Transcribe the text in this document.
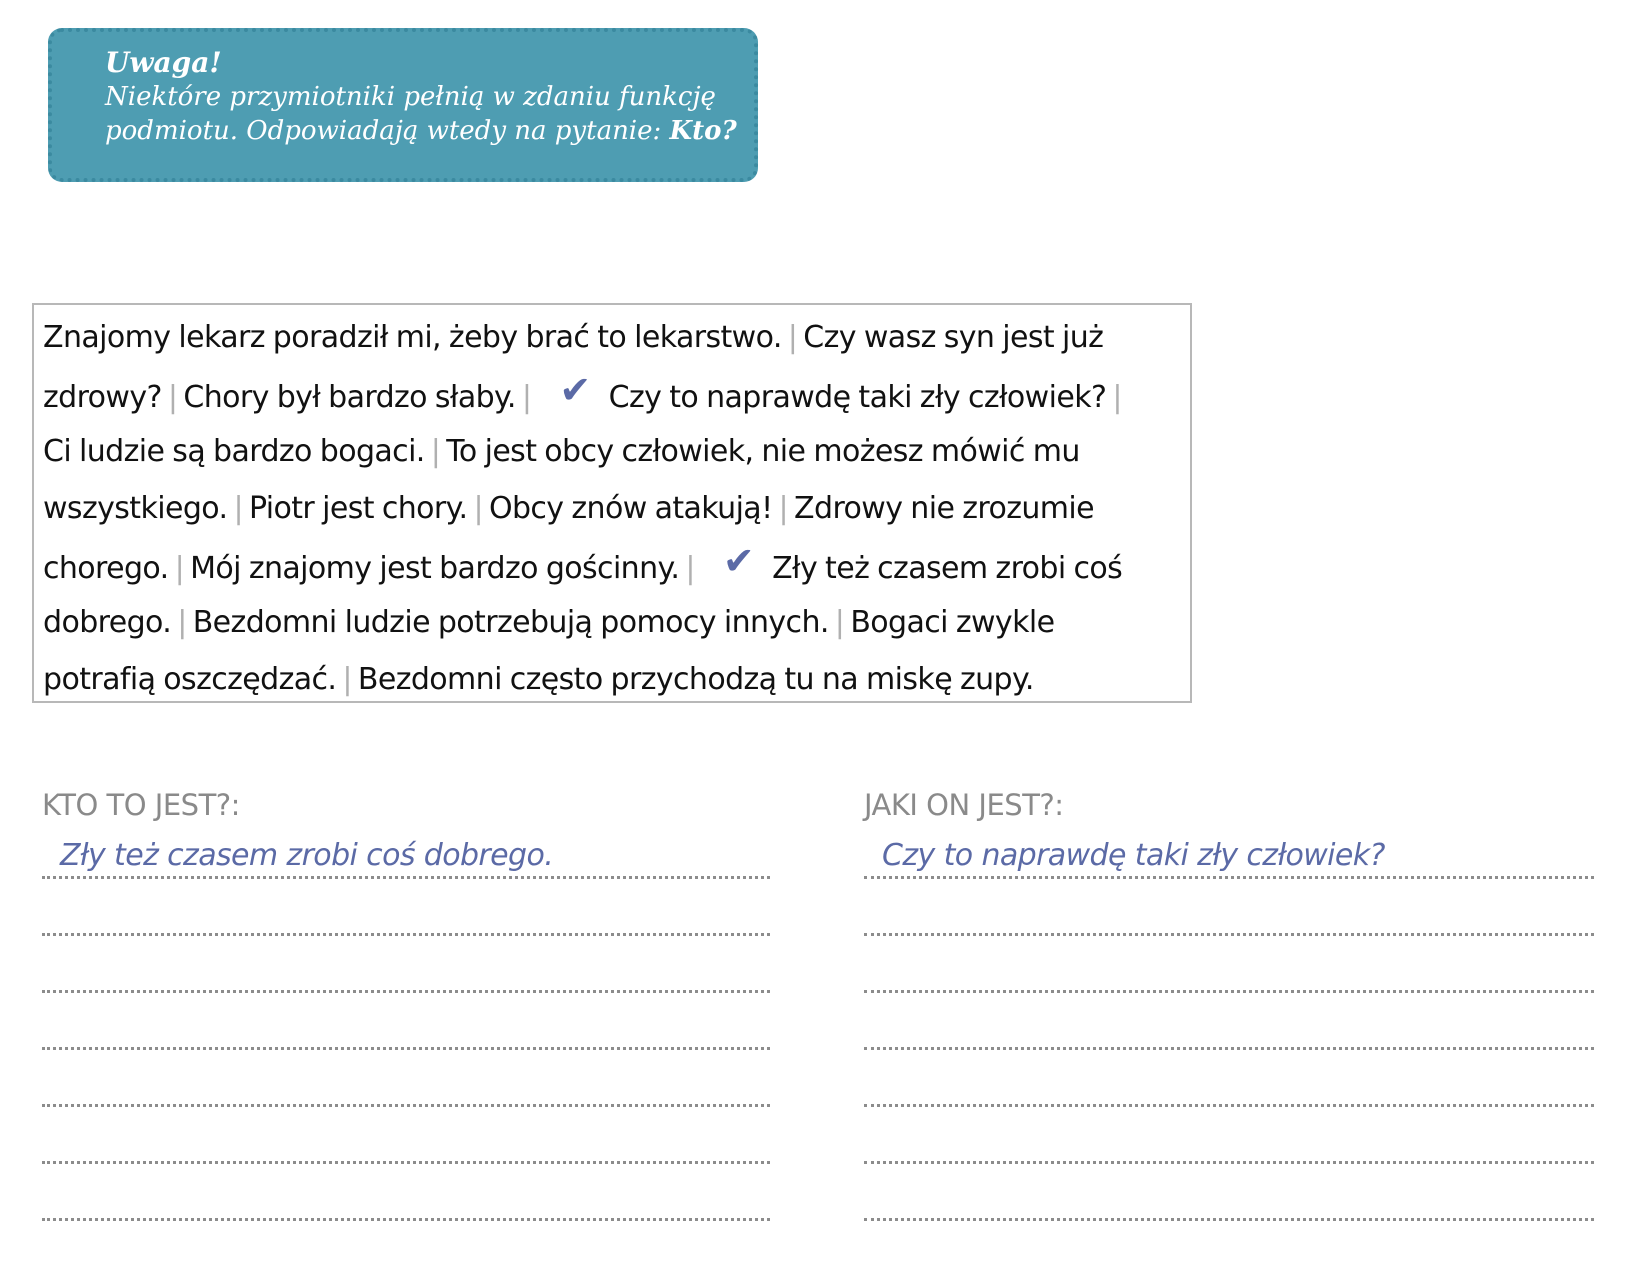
Uwaga!
Niektóre przymiotniki pełnią w zdaniu funkcję
podmiotu. Odpowiadają wtedy na pytanie: Kto?
Znajomy lekarz poradził mi, żeby brać to lekarstwo. | Czy wasz syn jest już
zdrowy? | Chory był bardzo słaby. | ✔ Czy to naprawdę taki zły człowiek? |
Ci ludzie są bardzo bogaci. | To jest obcy człowiek, nie możesz mówić mu
wszystkiego. | Piotr jest chory. | Obcy znów atakują! | Zdrowy nie zrozumie
chorego. | Mój znajomy jest bardzo gościnny. | ✔ Zły też czasem zrobi coś
dobrego. | Bezdomni ludzie potrzebują pomocy innych. | Bogaci zwykle
potrafią oszczędzać. | Bezdomni często przychodzą tu na miskę zupy.
KTO TO JEST?:
Zły też czasem zrobi coś dobrego.
JAKI ON JEST?:
Czy to naprawdę taki zły człowiek?
